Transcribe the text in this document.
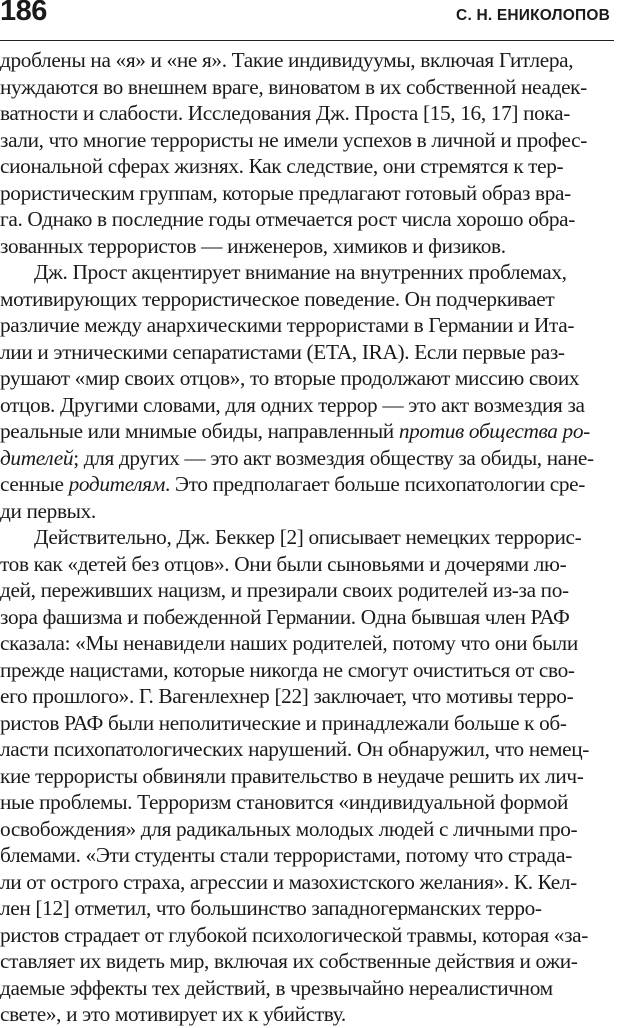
186	С. Н. ЕНИКОЛОПОВ

дроблены на «я» и «не я». Такие индивидуумы, включая Гитлера,
нуждаются во внешнем враге, виноватом в их собственной неадек-
ватности и слабости. Исследования Дж. Проста [15, 16, 17] пока-
зали, что многие террористы не имели успехов в личной и профес-
сиональной сферах жизнях. Как следствие, они стремятся к тер-
рористическим группам, которые предлагают готовый образ вра-
га. Однако в последние годы отмечается рост числа хорошо обра-
зованных террористов — инженеров, химиков и физиков.

Дж. Прост акцентирует внимание на внутренних проблемах,
мотивирующих террористическое поведение. Он подчеркивает
различие между анархическими террористами в Германии и Ита-
лии и этническими сепаратистами (ETA, IRA). Если первые раз-
рушают «мир своих отцов», то вторые продолжают миссию своих
отцов. Другими словами, для одних террор — это акт возмездия за
реальные или мнимые обиды, направленный против общества ро-
дителей; для других — это акт возмездия обществу за обиды, нане-
сенные родителям. Это предполагает больше психопатологии сре-
ди первых.

Действительно, Дж. Беккер [2] описывает немецких террорис-
тов как «детей без отцов». Они были сыновьями и дочерями лю-
дей, переживших нацизм, и презирали своих родителей из-за по-
зора фашизма и побежденной Германии. Одна бывшая член РАФ
сказала: «Мы ненавидели наших родителей, потому что они были
прежде нацистами, которые никогда не смогут очиститься от сво-
его прошлого». Г. Вагенлехнер [22] заключает, что мотивы терро-
ристов РАФ были неполитические и принадлежали больше к об-
ласти психопатологических нарушений. Он обнаружил, что немец-
кие террористы обвиняли правительство в неудаче решить их лич-
ные проблемы. Терроризм становится «индивидуальной формой
освобождения» для радикальных молодых людей с личными про-
блемами. «Эти студенты стали террористами, потому что страда-
ли от острого страха, агрессии и мазохистского желания». К. Кел-
лен [12] отметил, что большинство западногерманских терро-
ристов страдает от глубокой психологической травмы, которая «за-
ставляет их видеть мир, включая их собственные действия и ожи-
даемые эффекты тех действий, в чрезвычайно нереалистичном
свете», и это мотивирует их к убийству.
